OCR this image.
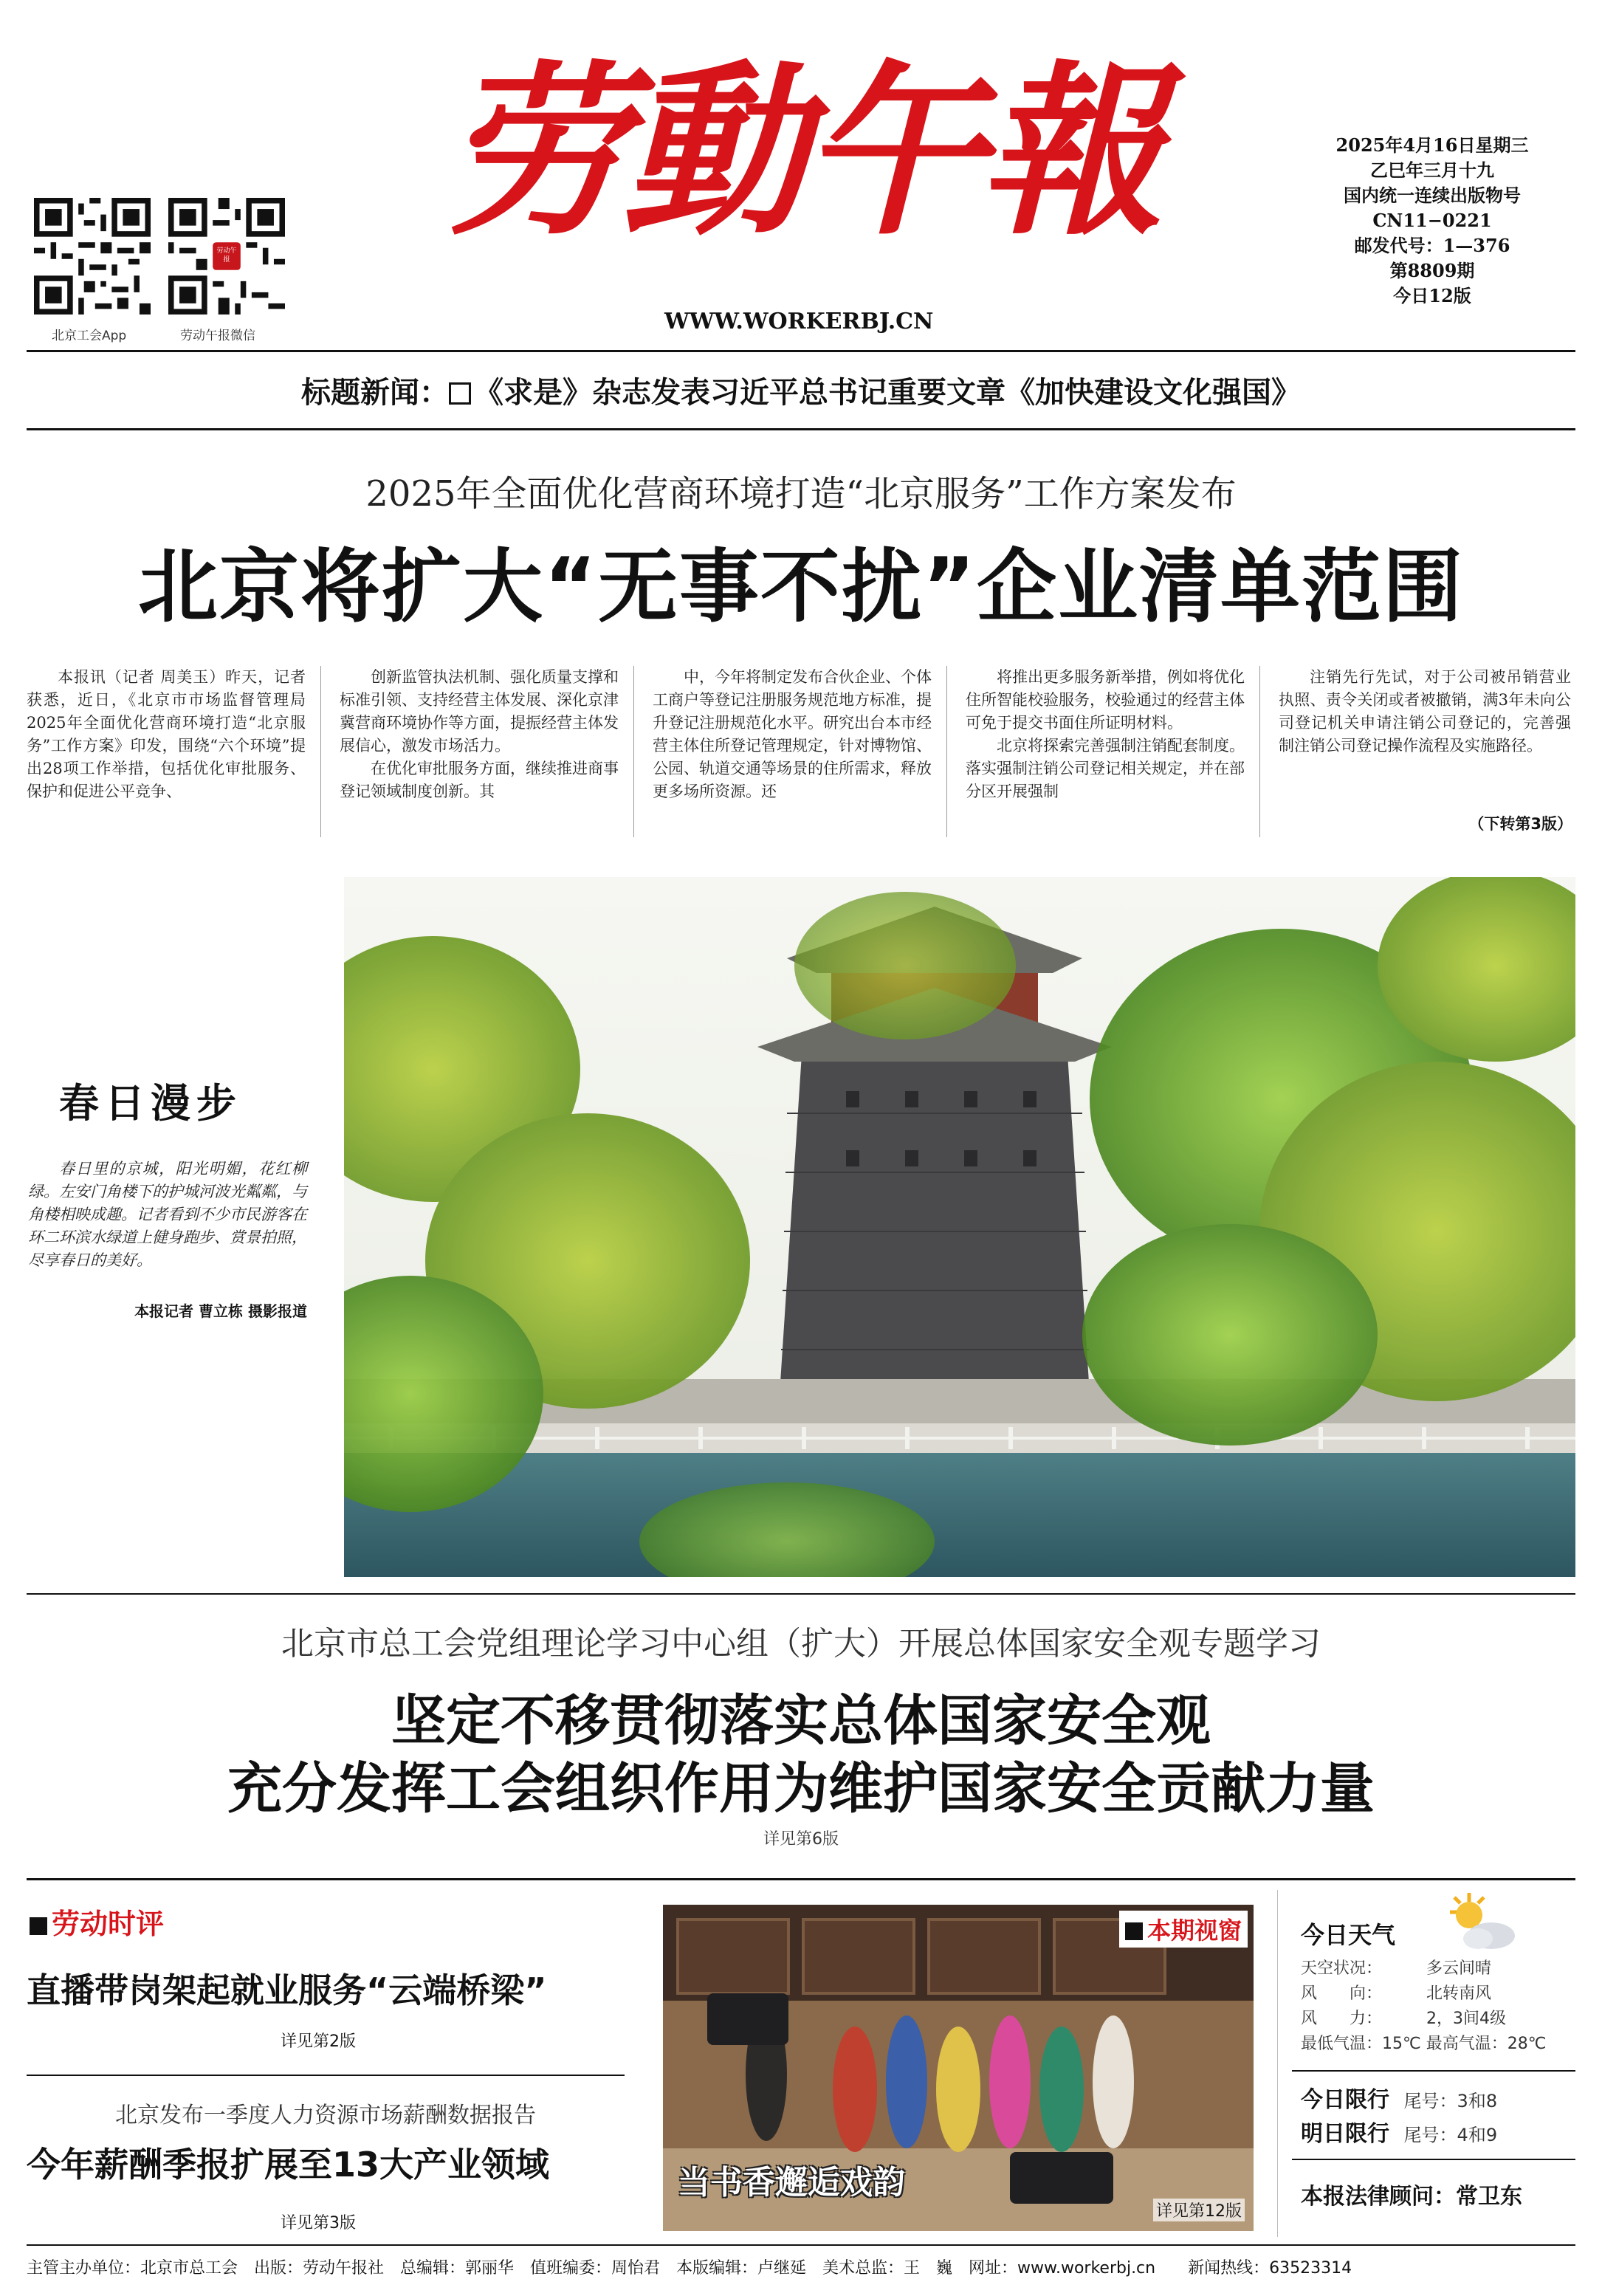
北京工会App
劳动午报
劳动午报微信
劳動午報
WWW.WORKERBJ.CN
2025年4月16日星期三
乙巳年三月十九
国内统一连续出版物号
CN11−0221
邮发代号：1—376
第8809期
今日12版
标题新闻： 《求是》杂志发表习近平总书记重要文章《加快建设文化强国》
2025年全面优化营商环境打造“北京服务”工作方案发布
北京将扩大“无事不扰”企业清单范围

本报讯（记者 周美玉）昨天，记者获悉，近日，《北京市市场监督管理局2025年全面优化营商环境打造“北京服务”工作方案》印发，围绕“六个环境”提出28项工作举措，包括优化审批服务、保护和促进公平竞争、

创新监管执法机制、强化质量支撑和标准引领、支持经营主体发展、深化京津冀营商环境协作等方面，提振经营主体发展信心，激发市场活力。

在优化审批服务方面，继续推进商事登记领域制度创新。其

中，今年将制定发布合伙企业、个体工商户等登记注册服务规范地方标准，提升登记注册规范化水平。研究出台本市经营主体住所登记管理规定，针对博物馆、公园、轨道交通等场景的住所需求，释放更多场所资源。还

将推出更多服务新举措，例如将优化住所智能校验服务，校验通过的经营主体可免于提交书面住所证明材料。

北京将探索完善强制注销配套制度。落实强制注销公司登记相关规定，并在部分区开展强制

注销先行先试，对于公司被吊销营业执照、责令关闭或者被撤销，满3年未向公司登记机关申请注销公司登记的，完善强制注销公司登记操作流程及实施路径。

（下转第3版）
春日漫步
春日里的京城，阳光明媚，花红柳绿。左安门角楼下的护城河波光粼粼，与角楼相映成趣。记者看到不少市民游客在环二环滨水绿道上健身跑步、赏景拍照，尽享春日的美好。
本报记者 曹立栋 摄影报道
北京市总工会党组理论学习中心组（扩大）开展总体国家安全观专题学习
坚定不移贯彻落实总体国家安全观
充分发挥工会组织作用为维护国家安全贡献力量
详见第6版
劳动时评
直播带岗架起就业服务“云端桥梁”
详见第2版
北京发布一季度人力资源市场薪酬数据报告
今年薪酬季报扩展至13大产业领域
详见第3版
本期视窗
当书香邂逅戏韵
详见第12版
今日天气
天空状况：	多云间晴
风　　向：	北转南风
风　　力：	2，3间4级
最低气温：15℃ 最高气温：28℃
今日限行 尾号：3和8
明日限行 尾号：4和9
本报法律顾问：常卫东
主管主办单位：北京市总工会　出版：劳动午报社　总编辑：郭丽华　值班编委：周怡君　本版编辑：卢继延　美术总监：王　巍　网址：www.workerbj.cn　　新闻热线：63523314
